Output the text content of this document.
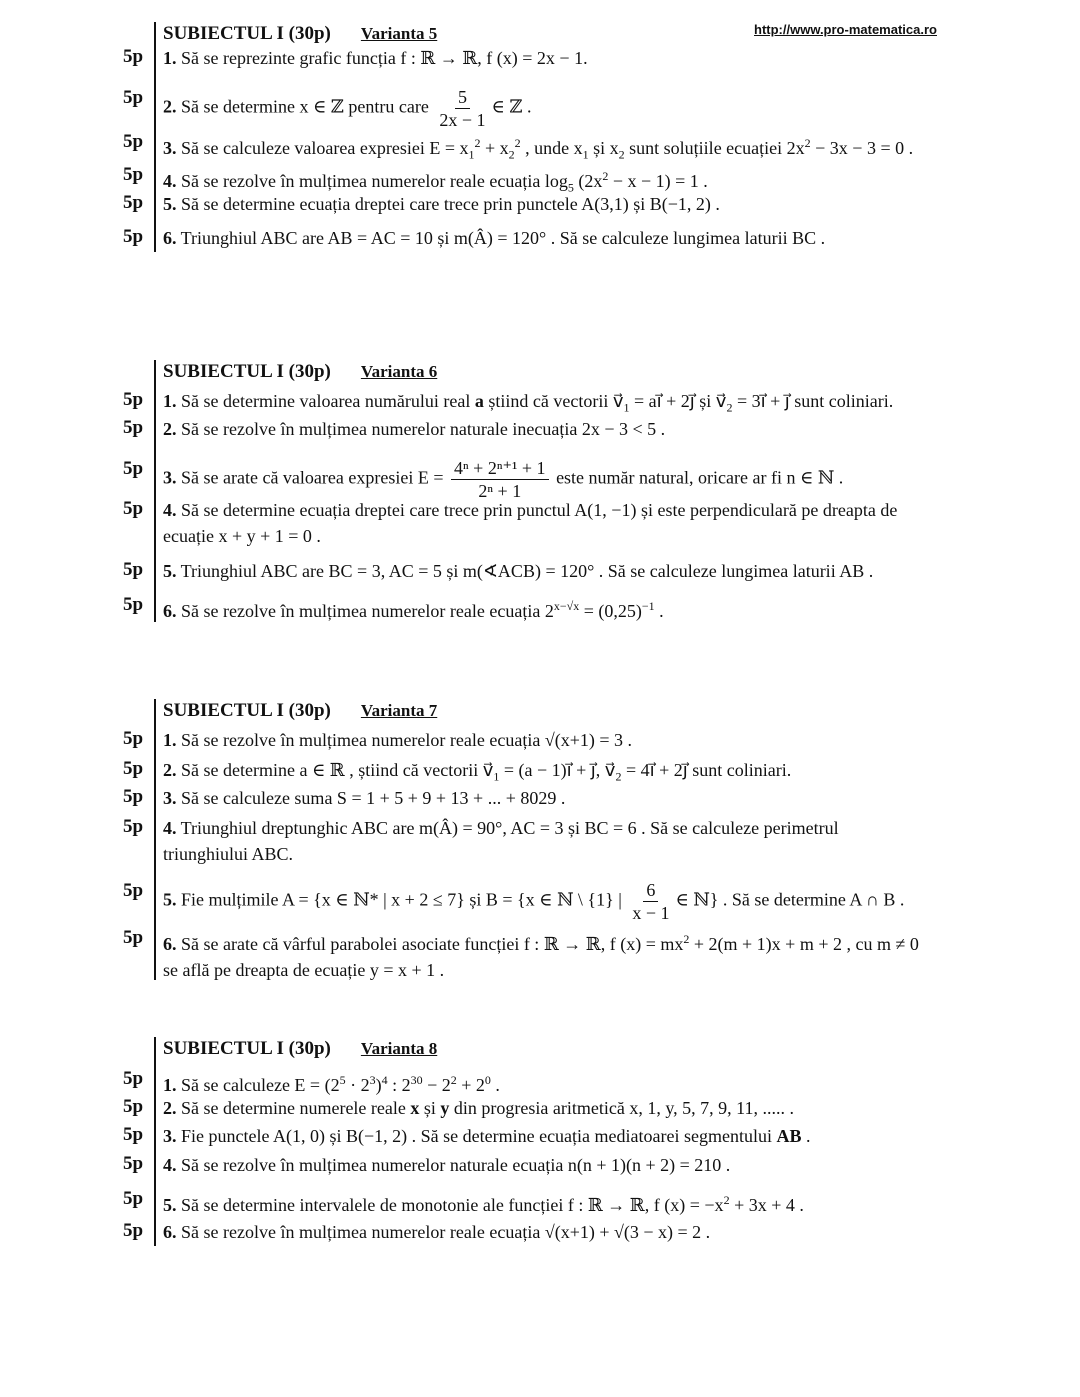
http://www.pro-matematica.ro
SUBIECTUL I (30p) Varianta 5
5p 1. Să se reprezinte grafic funcția f : ℝ → ℝ, f (x) = 2x − 1.
5p 2. Să se determine x ∈ ℤ pentru care $\frac{5}{2x - 1}$ ∈ ℤ .
5p 3. Să se calculeze valoarea expresiei $E = x_1^2 + x_2^2$ , unde $x_1$ și $x_2$ sunt soluțiile ecuației $2x^2 - 3x - 3 = 0$ .
5p 4. Să se rezolve în mulțimea numerelor reale ecuația $\log_5 (2x^2 - x - 1) = 1$ .
5p 5. Să se determine ecuația dreptei care trece prin punctele A(3,1) și B(−1, 2) .
5p 6. Triunghiul ABC are AB = AC = 10 și m(Â) = 120° . Să se calculeze lungimea laturii BC .
SUBIECTUL I (30p) Varianta 6
5p 1. Să se determine valoarea numărului real a știind că vectorii $v⃗_1$ = ai⃗ + 2j⃗ și $v⃗_2$ = 3i⃗ + j⃗ sunt coliniari.
5p 2. Să se rezolve în mulțimea numerelor naturale inecuația 2x − 3 < 5 .
5p 3. Să se arate că valoarea expresiei $E = \frac{\text{4ⁿ + 2ⁿ⁺¹ + 1}}{\text{2ⁿ + 1}}$ este număr natural, oricare ar fi n ∈ ℕ .
5p 4. Să se determine ecuația dreptei care trece prin punctul A(1, −1) și este perpendiculară pe dreapta de
ecuație x + y + 1 = 0 .
5p 5. Triunghiul ABC are BC = 3, AC = 5 și m(∢ACB) = 120° . Să se calculeze lungimea laturii AB .
5p 6. Să se rezolve în mulțimea numerelor reale ecuația $2^{x-√x} = (0,25)^{-1}$ .
SUBIECTUL I (30p) Varianta 7
5p 1. Să se rezolve în mulțimea numerelor reale ecuația √(x+1) = 3 .
5p 2. Să se determine a ∈ ℝ , știind că vectorii $v⃗_1 = (a$ − 1)i⃗ + j⃗, $v⃗_2$ = 4i⃗ + 2j⃗ sunt coliniari.
5p 3. Să se calculeze suma S = 1 + 5 + 9 + 13 + ... + 8029 .
5p 4. Triunghiul dreptunghic ABC are m(Â) = 90°, AC = 3 și BC = 6 . Să se calculeze perimetrul
triunghiului ABC.
5p 5. Fie mulțimile A = {x ∈ ℕ* | x + 2 ≤ 7} și B = {x ∈ ℕ \ {1} | $\frac{6}{x - 1}$ ∈ ℕ} . Să se determine A ∩ B .
5p 6. Să se arate că vârful parabolei asociate funcției f : ℝ → ℝ, f $(x) = mx^2 + 2(m + 1)x + m + 2$ , cu m ≠ 0
se află pe dreapta de ecuație y = x + 1 .
SUBIECTUL I (30p) Varianta 8
5p 1. Să se calculeze $E = (2^5 \cdot 2^3)^4$ : $2^{30} - 2^2 + 2^0$ .
5p 2. Să se determine numerele reale x și y din progresia aritmetică x, 1, y, 5, 7, 9, 11, ..... .
5p 3. Fie punctele A(1, 0) și B(−1, 2) . Să se determine ecuația mediatoarei segmentului AB .
5p 4. Să se rezolve în mulțimea numerelor naturale ecuația n(n + 1)(n + 2) = 210 .
5p 5. Să se determine intervalele de monotonie ale funcției f : ℝ → ℝ, f $(x) = -x^2 + 3x + 4$ .
5p 6. Să se rezolve în mulțimea numerelor reale ecuația √(x+1) + √(3 − x) = 2 .
